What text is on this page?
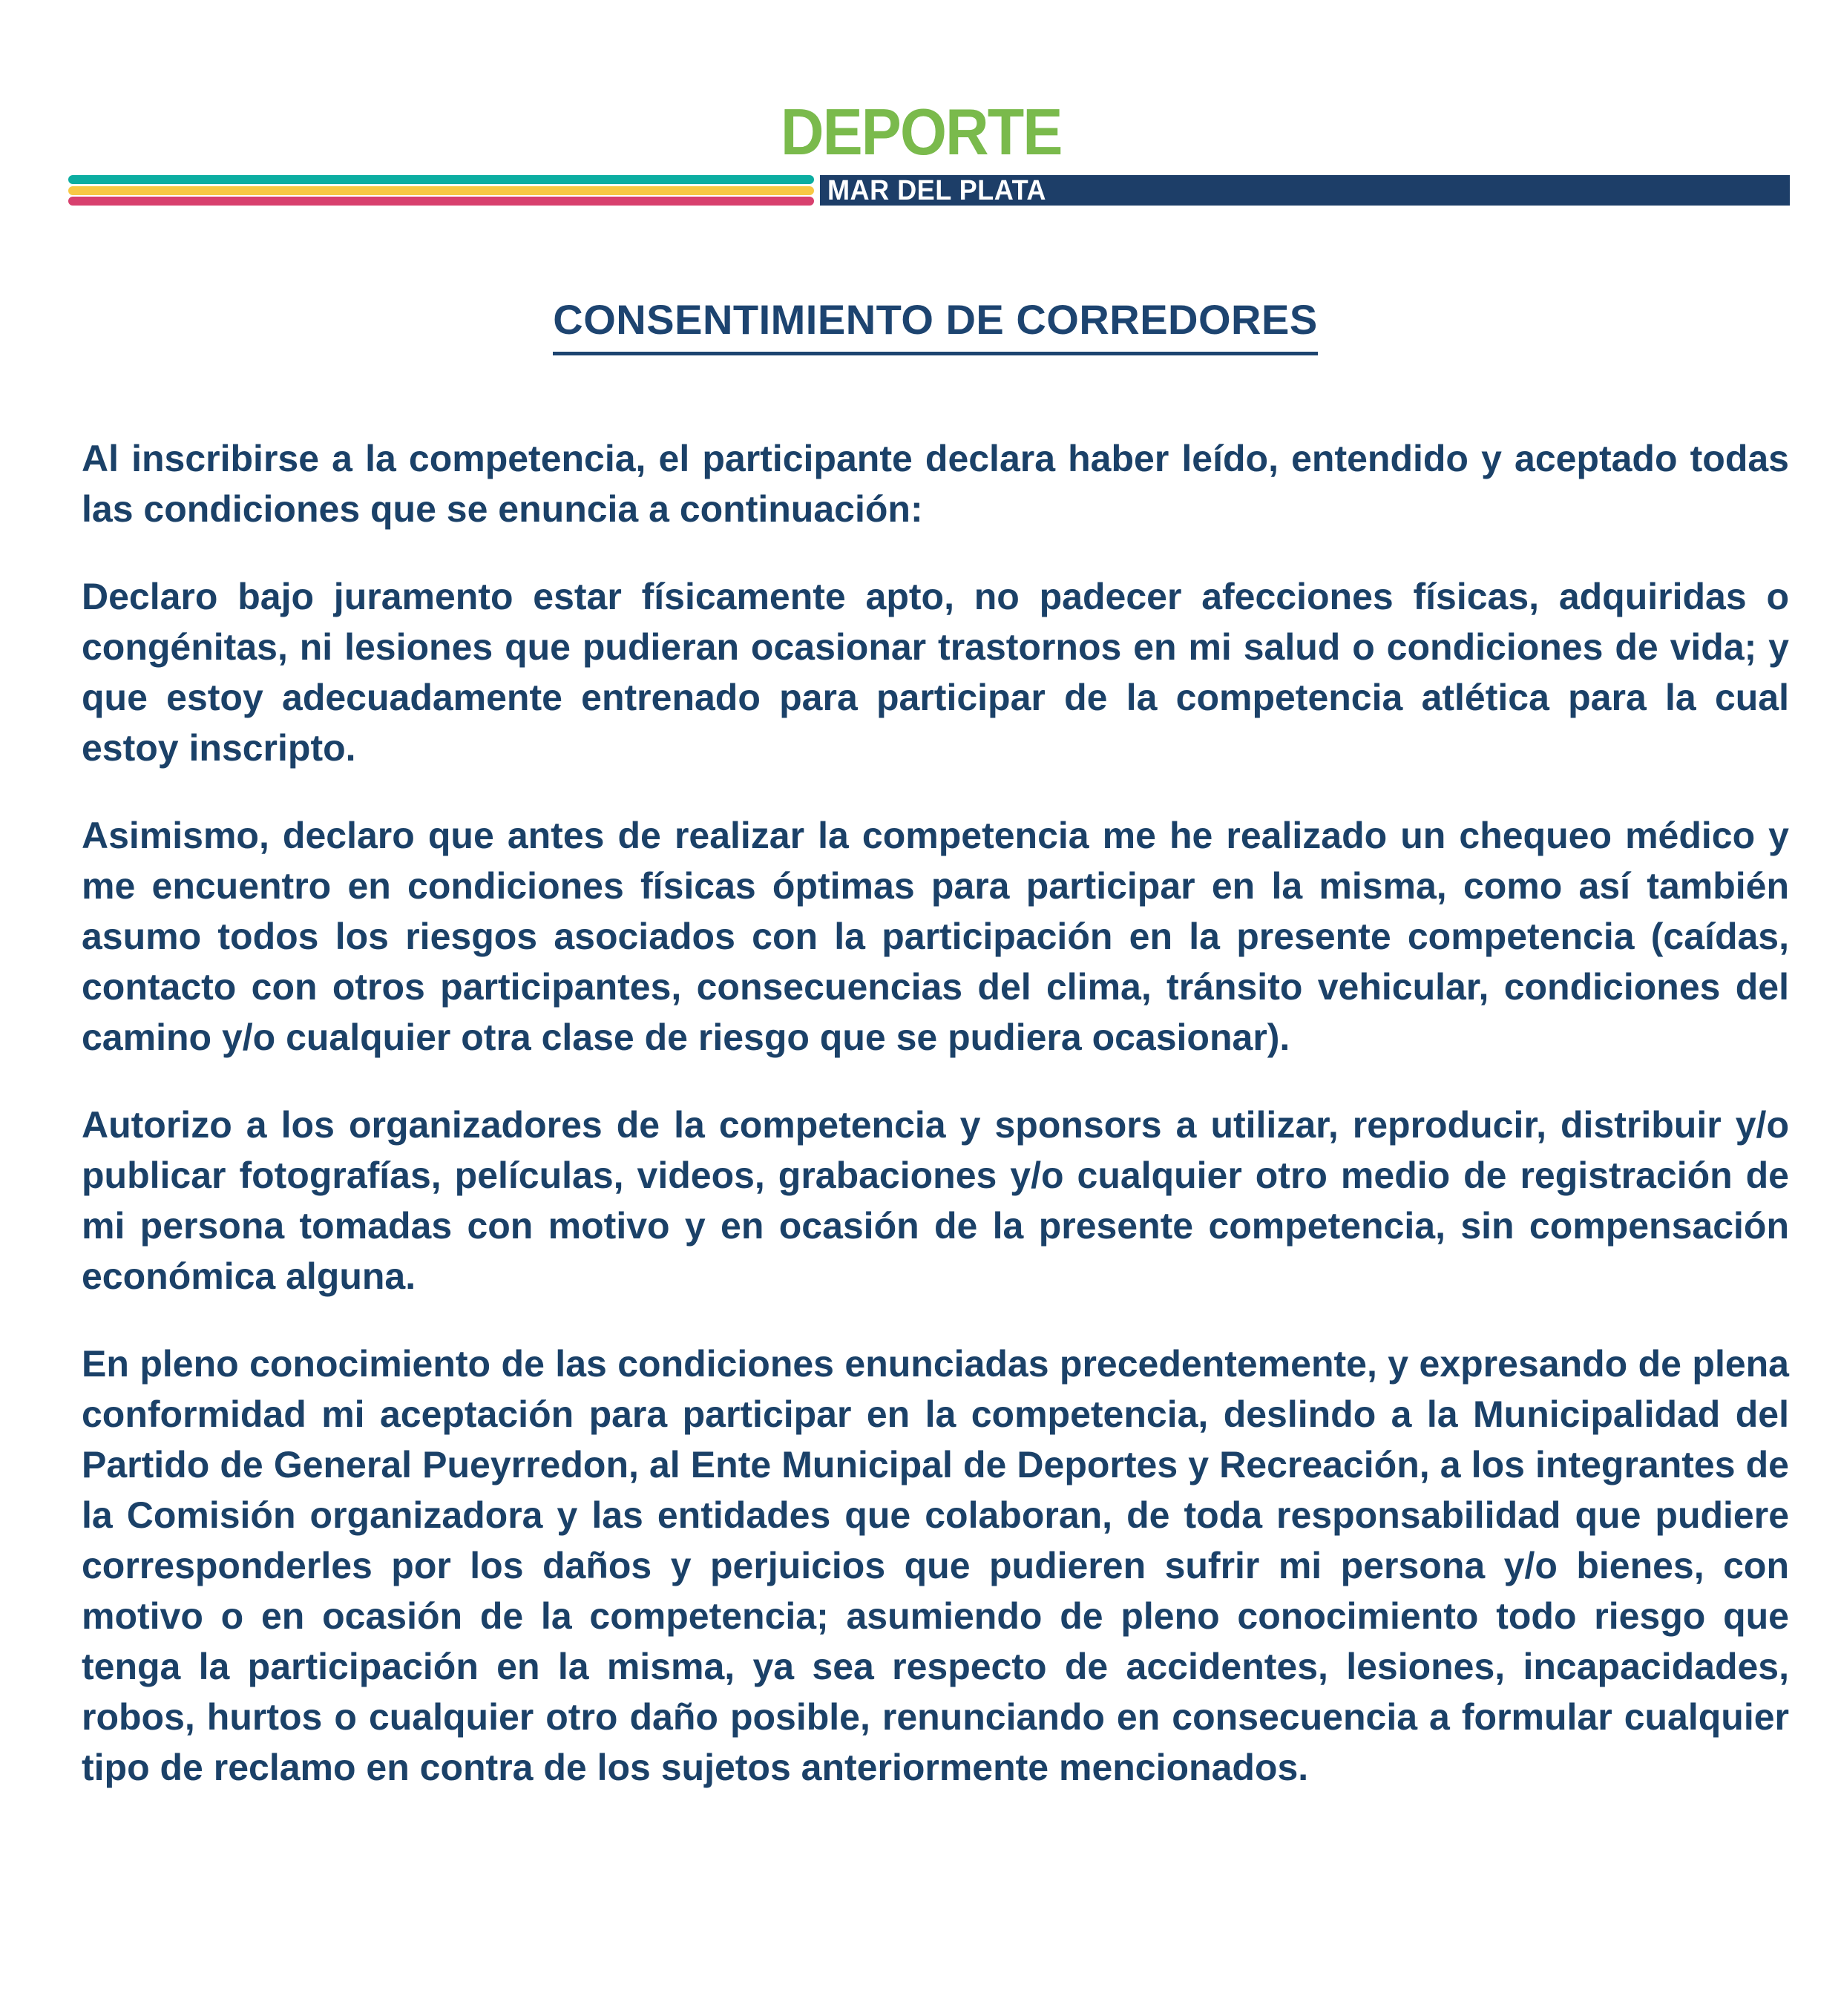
DEPORTE
MAR DEL PLATA
CONSENTIMIENTO DE CORREDORES

Al inscribirse a la competencia, el participante declara haber leído, entendido y aceptado todas las condiciones que se enuncia a continuación:

Declaro bajo juramento estar físicamente apto, no padecer afecciones físicas, adquiridas o congénitas, ni lesiones que pudieran ocasionar trastornos en mi salud o condiciones de vida; y que estoy adecuadamente entrenado para participar de la competencia atlética para la cual estoy inscripto.

Asimismo, declaro que antes de realizar la competencia me he realizado un chequeo médico y me encuentro en condiciones físicas óptimas para participar en la misma, como así también asumo todos los riesgos asociados con la participación en la presente competencia (caídas, contacto con otros participantes, consecuencias del clima, tránsito vehicular, condiciones del camino y/o cualquier otra clase de riesgo que se pudiera ocasionar).

Autorizo a los organizadores de la competencia y sponsors a utilizar, reproducir, distribuir y/o publicar fotografías, películas, videos, grabaciones y/o cualquier otro medio de registración de mi persona tomadas con motivo y en ocasión de la presente competencia, sin compensación económica alguna.

En pleno conocimiento de las condiciones enunciadas precedentemente, y expresando de plena conformidad mi aceptación para participar en la competencia, deslindo a la Municipalidad del Partido de General Pueyrredon, al Ente Municipal de Deportes y Recreación, a los integrantes de la Comisión organizadora y las entidades que colaboran, de toda responsabilidad que pudiere corresponderles por los daños y perjuicios que pudieren sufrir mi persona y/o bienes, con motivo o en ocasión de la competencia; asumiendo de pleno conocimiento todo riesgo que tenga la participación en la misma, ya sea respecto de accidentes, lesiones, incapacidades, robos, hurtos o cualquier otro daño posible, renunciando en consecuencia a formular cualquier tipo de reclamo en contra de los sujetos anteriormente mencionados.
